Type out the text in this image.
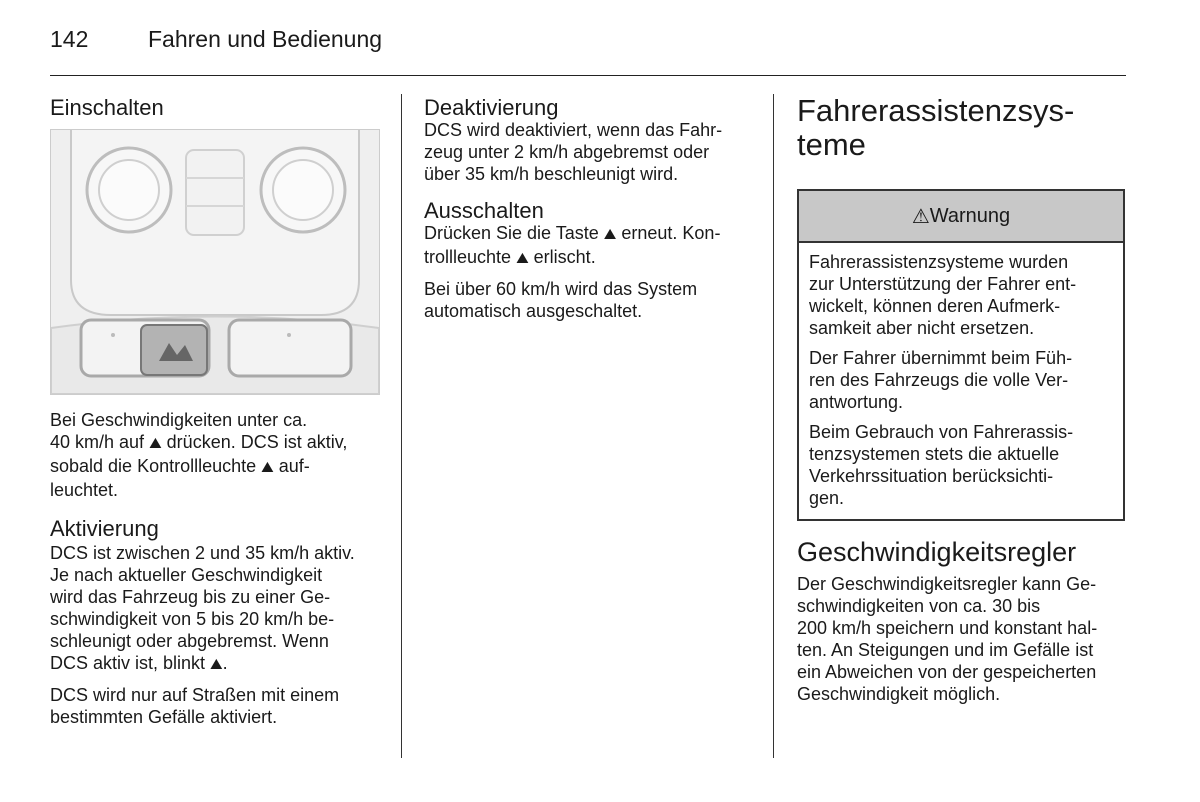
142	Fahren und Bedienung
Einschalten

Bei Geschwindigkeiten unter ca.
40 km/h auf ⛰ drücken. DCS ist aktiv,
sobald die Kontrollleuchte ⛰ auf-
leuchtet.

Aktivierung

DCS ist zwischen 2 und 35 km/h aktiv.
Je nach aktueller Geschwindigkeit
wird das Fahrzeug bis zu einer Ge-
schwindigkeit von 5 bis 20 km/h be-
schleunigt oder abgebremst. Wenn
DCS aktiv ist, blinkt ⛰.

DCS wird nur auf Straßen mit einem
bestimmten Gefälle aktiviert.

Deaktivierung

DCS wird deaktiviert, wenn das Fahr-
zeug unter 2 km/h abgebremst oder
über 35 km/h beschleunigt wird.

Ausschalten

Drücken Sie die Taste ⛰ erneut. Kon-
trollleuchte ⛰ erlischt.

Bei über 60 km/h wird das System
automatisch ausgeschaltet.

Fahrerassistenzsys-
teme
⚠ Warnung

Fahrerassistenzsysteme wurden
zur Unterstützung der Fahrer ent-
wickelt, können deren Aufmerk-
samkeit aber nicht ersetzen.

Der Fahrer übernimmt beim Füh-
ren des Fahrzeugs die volle Ver-
antwortung.

Beim Gebrauch von Fahrerassis-
tenzsystemen stets die aktuelle
Verkehrssituation berücksichti-
gen.

Geschwindigkeitsregler

Der Geschwindigkeitsregler kann Ge-
schwindigkeiten von ca. 30 bis
200 km/h speichern und konstant hal-
ten. An Steigungen und im Gefälle ist
ein Abweichen von der gespeicherten
Geschwindigkeit möglich.
